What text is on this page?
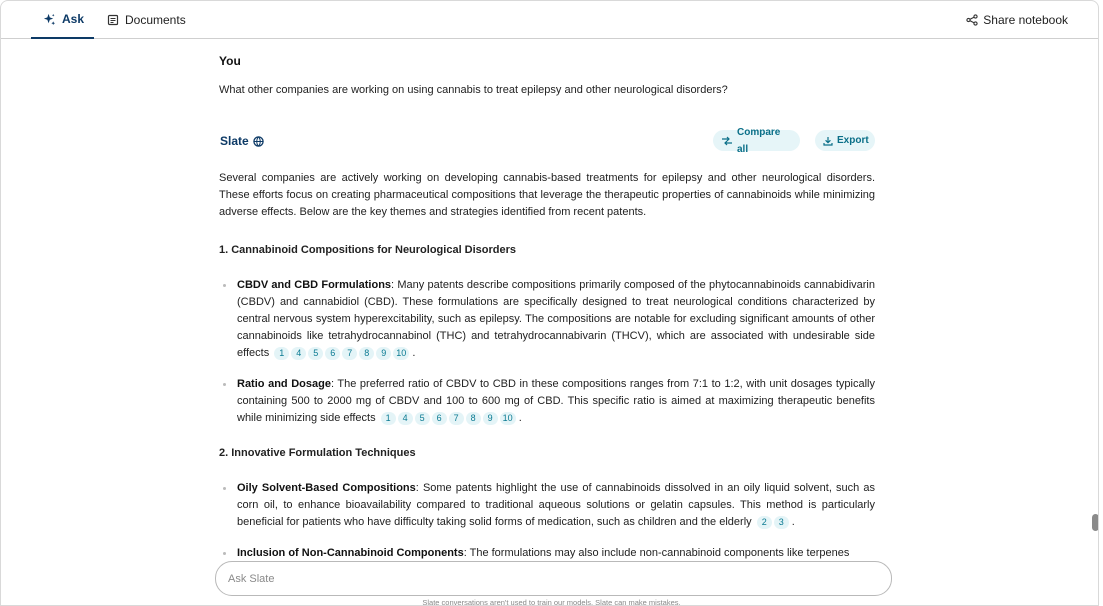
Ask	Documents	Share notebook
You
What other companies are working on using cannabis to treat epilepsy and other neurological disorders?
Slate
Compare all
Export
Several companies are actively working on developing cannabis-based treatments for epilepsy and other neurological disorders. These efforts focus on creating pharmaceutical compositions that leverage the therapeutic properties of cannabinoids while minimizing adverse effects. Below are the key themes and strategies identified from recent patents.
1. Cannabinoid Compositions for Neurological Disorders
CBDV and CBD Formulations: Many patents describe compositions primarily composed of the phytocannabinoids cannabidivarin (CBDV) and cannabidiol (CBD). These formulations are specifically designed to treat neurological conditions characterized by central nervous system hyperexcitability, such as epilepsy. The compositions are notable for excluding significant amounts of other cannabinoids like tetrahydrocannabinol (THC) and tetrahydrocannabivarin (THCV), which are associated with undesirable side effects 1 4 5 6 7 8 9 10 .
Ratio and Dosage: The preferred ratio of CBDV to CBD in these compositions ranges from 7:1 to 1:2, with unit dosages typically containing 500 to 2000 mg of CBDV and 100 to 600 mg of CBD. This specific ratio is aimed at maximizing therapeutic benefits while minimizing side effects 1 4 5 6 7 8 9 10 .
2. Innovative Formulation Techniques
Oily Solvent-Based Compositions: Some patents highlight the use of cannabinoids dissolved in an oily liquid solvent, such as corn oil, to enhance bioavailability compared to traditional aqueous solutions or gelatin capsules. This method is particularly beneficial for patients who have difficulty taking solid forms of medication, such as children and the elderly 2 3 .
Inclusion of Non-Cannabinoid Components: The formulations may also include non-cannabinoid components like terpenes
Ask Slate
Slate conversations aren't used to train our models. Slate can make mistakes.
